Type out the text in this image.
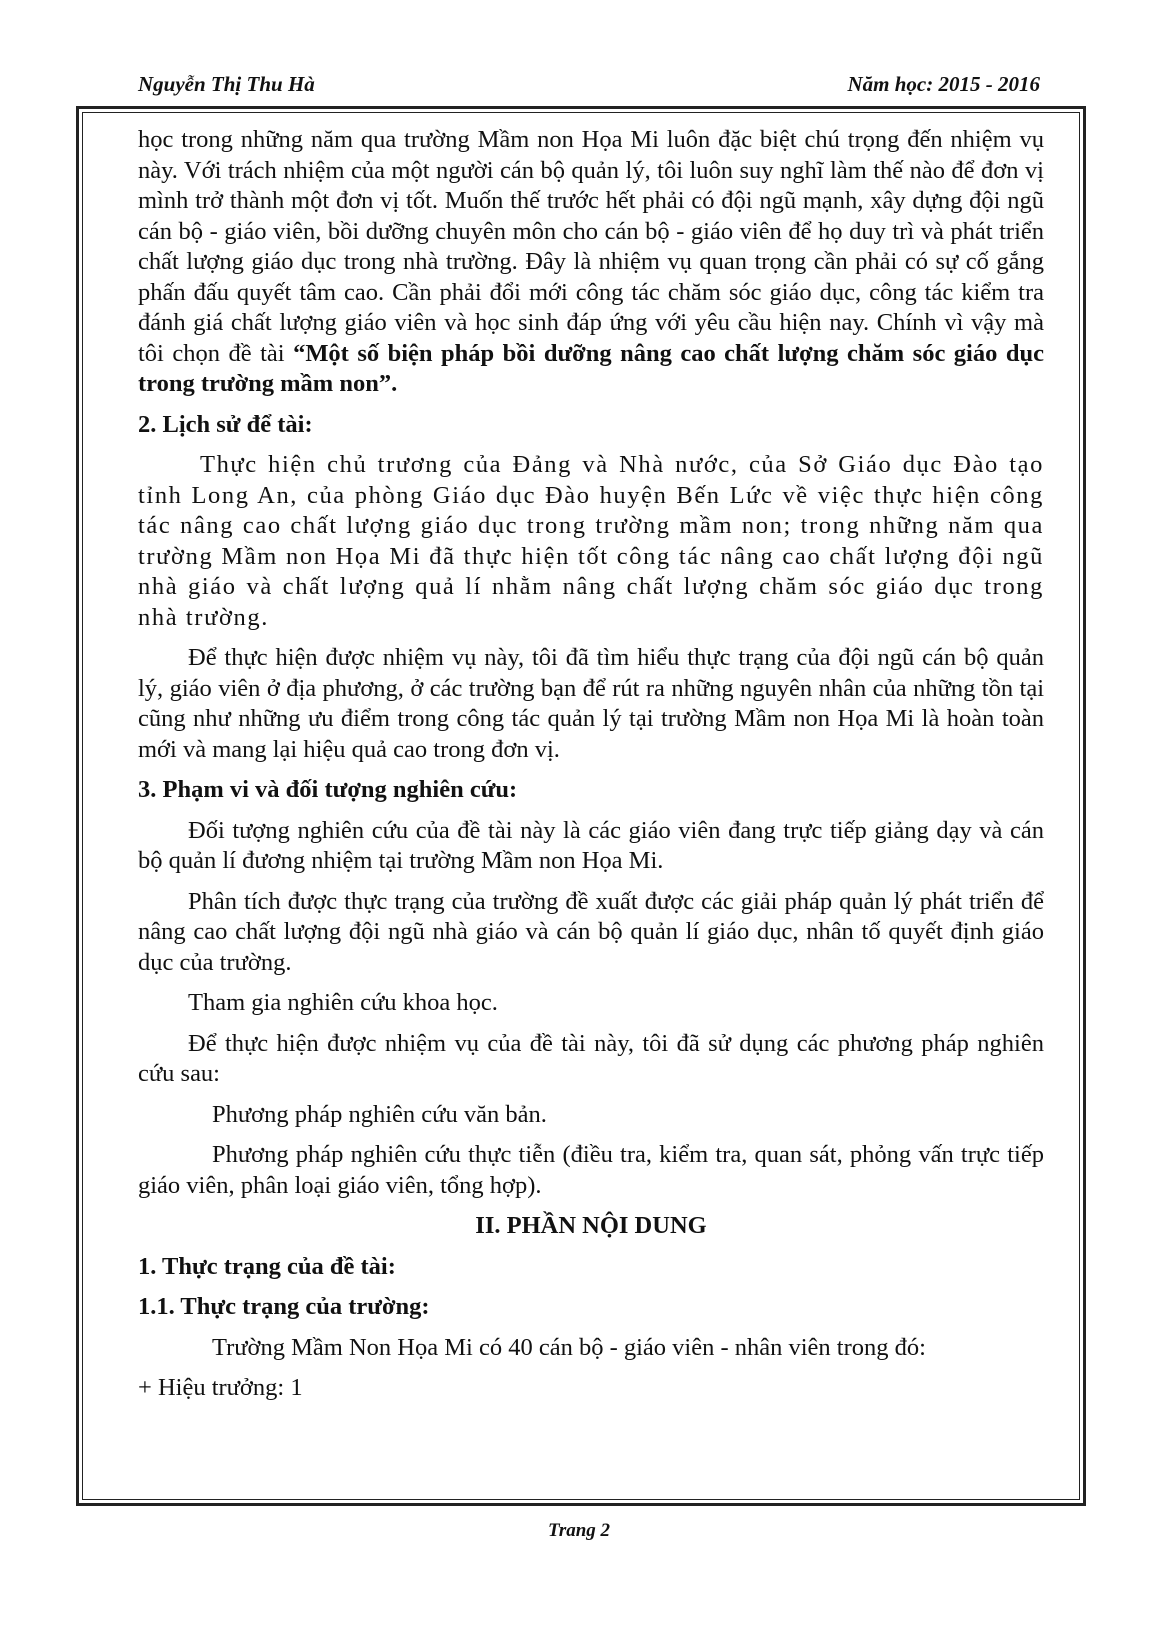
Nguyễn Thị Thu Hà	Năm học: 2015 - 2016

học trong những năm qua trường Mầm non Họa Mi luôn đặc biệt chú trọng đến nhiệm vụ này. Với trách nhiệm của một người cán bộ quản lý, tôi luôn suy nghĩ làm thế nào để đơn vị mình trở thành một đơn vị tốt. Muốn thế trước hết phải có đội ngũ mạnh, xây dựng đội ngũ cán bộ - giáo viên, bồi dưỡng chuyên môn cho cán bộ - giáo viên để họ duy trì và phát triển chất lượng giáo dục trong nhà trường. Đây là nhiệm vụ quan trọng cần phải có sự cố gắng phấn đấu quyết tâm cao. Cần phải đổi mới công tác chăm sóc giáo dục, công tác kiểm tra đánh giá chất lượng giáo viên và học sinh đáp ứng với yêu cầu hiện nay. Chính vì vậy mà tôi chọn đề tài “Một số biện pháp bồi dưỡng nâng cao chất lượng chăm sóc giáo dục trong trường mầm non”.

2. Lịch sử để tài:

Thực hiện chủ trương của Đảng và Nhà nước, của Sở Giáo dục Đào tạo tỉnh Long An, của phòng Giáo dục Đào huyện Bến Lức về việc thực hiện công tác nâng cao chất lượng giáo dục trong trường mầm non; trong những năm qua trường Mầm non Họa Mi đã thực hiện tốt công tác nâng cao chất lượng đội ngũ nhà giáo và chất lượng quả lí nhằm nâng chất lượng chăm sóc giáo dục trong nhà trường.

Để thực hiện được nhiệm vụ này, tôi đã tìm hiểu thực trạng của đội ngũ cán bộ quản lý, giáo viên ở địa phương, ở các trường bạn để rút ra những nguyên nhân của những tồn tại cũng như những ưu điểm trong công tác quản lý tại trường Mầm non Họa Mi là hoàn toàn mới và mang lại hiệu quả cao trong đơn vị.

3. Phạm vi và đối tượng nghiên cứu:

Đối tượng nghiên cứu của đề tài này là các giáo viên đang trực tiếp giảng dạy và cán bộ quản lí đương nhiệm tại trường Mầm non Họa Mi.

Phân tích được thực trạng của trường đề xuất được các giải pháp quản lý phát triển để nâng cao chất lượng đội ngũ nhà giáo và cán bộ quản lí giáo dục, nhân tố quyết định giáo dục của trường.

Tham gia nghiên cứu khoa học.

Để thực hiện được nhiệm vụ của đề tài này, tôi đã sử dụng các phương pháp nghiên cứu sau:

Phương pháp nghiên cứu văn bản.

Phương pháp nghiên cứu thực tiễn (điều tra, kiểm tra, quan sát, phỏng vấn trực tiếp giáo viên, phân loại giáo viên, tổng hợp).

II. PHẦN NỘI DUNG

1. Thực trạng của đề tài:

1.1. Thực trạng của trường:

Trường Mầm Non Họa Mi có 40 cán bộ - giáo viên - nhân viên trong đó:

+ Hiệu trưởng: 1

Trang 2
